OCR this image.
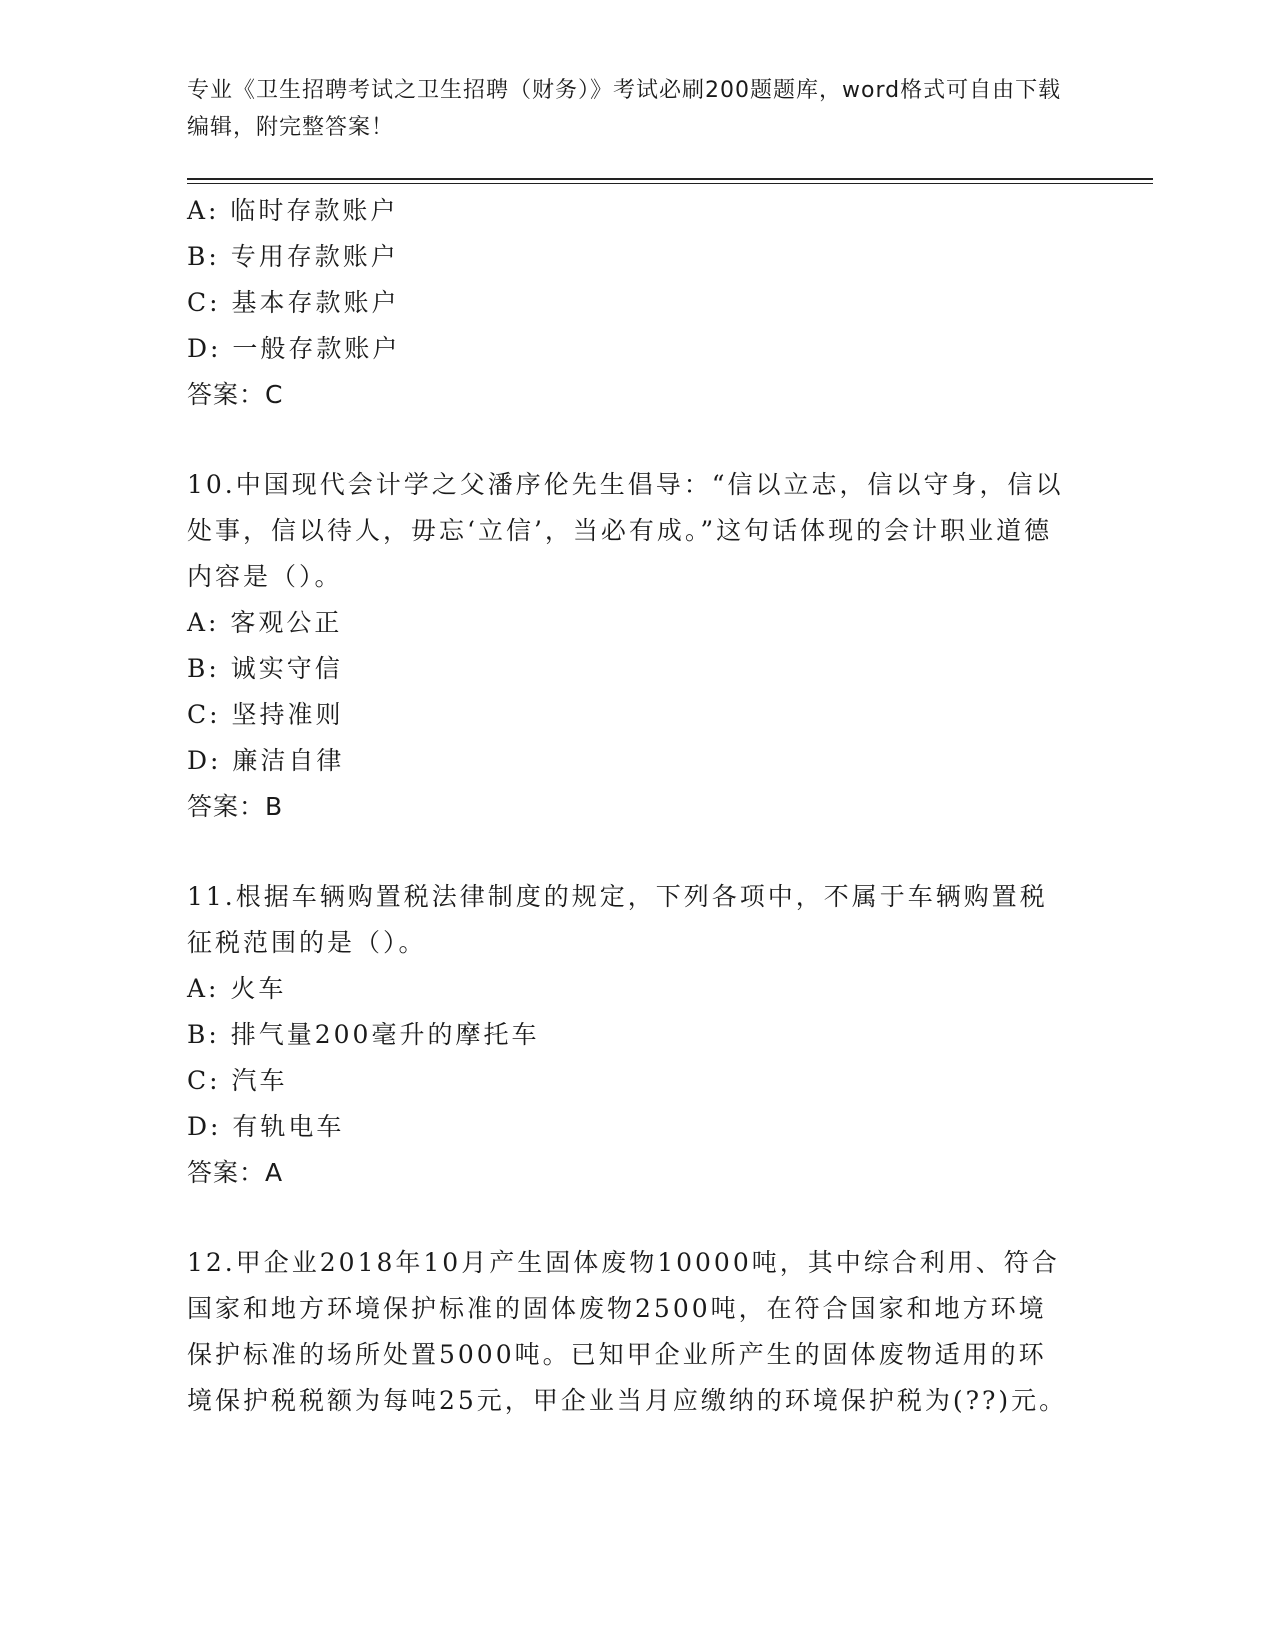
专业《卫生招聘考试之卫生招聘（财务）》考试必刷200题题库，word格式可自由下载编辑，附完整答案！
A: 临时存款账户
B: 专用存款账户
C: 基本存款账户
D: 一般存款账户
答案：C
10.中国现代会计学之父潘序伦先生倡导：“信以立志，信以守身，信以处事，信以待人，毋忘‘立信’，当必有成。”这句话体现的会计职业道德内容是（）。
A: 客观公正
B: 诚实守信
C: 坚持准则
D: 廉洁自律
答案：B
11.根据车辆购置税法律制度的规定，下列各项中，不属于车辆购置税征税范围的是（）。
A: 火车
B: 排气量200毫升的摩托车
C: 汽车
D: 有轨电车
答案：A
12.甲企业2018年10月产生固体废物10000吨，其中综合利用、符合国家和地方环境保护标准的固体废物2500吨，在符合国家和地方环境保护标准的场所处置5000吨。已知甲企业所产生的固体废物适用的环境保护税税额为每吨25元，甲企业当月应缴纳的环境保护税为(??)元。
